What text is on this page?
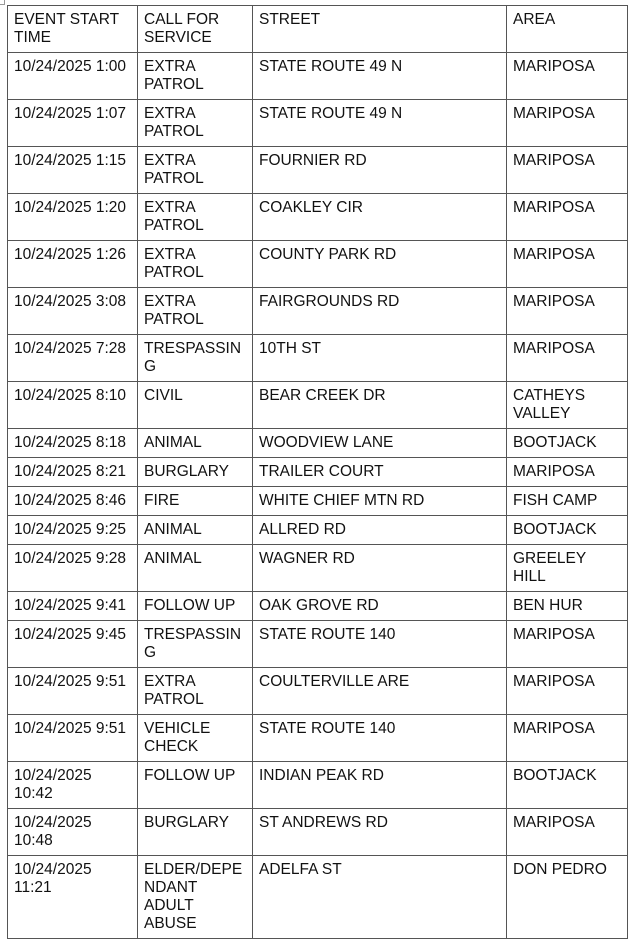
EVENT START TIME	CALL FOR SERVICE	STREET	AREA
10/24/2025 1:00	EXTRA PATROL	STATE ROUTE 49 N	MARIPOSA
10/24/2025 1:07	EXTRA PATROL	STATE ROUTE 49 N	MARIPOSA
10/24/2025 1:15	EXTRA PATROL	FOURNIER RD	MARIPOSA
10/24/2025 1:20	EXTRA PATROL	COAKLEY CIR	MARIPOSA
10/24/2025 1:26	EXTRA PATROL	COUNTY PARK RD	MARIPOSA
10/24/2025 3:08	EXTRA PATROL	FAIRGROUNDS RD	MARIPOSA
10/24/2025 7:28	TRESPASSING	10TH ST	MARIPOSA
10/24/2025 8:10	CIVIL	BEAR CREEK DR	CATHEYS VALLEY
10/24/2025 8:18	ANIMAL	WOODVIEW LANE	BOOTJACK
10/24/2025 8:21	BURGLARY	TRAILER COURT	MARIPOSA
10/24/2025 8:46	FIRE	WHITE CHIEF MTN RD	FISH CAMP
10/24/2025 9:25	ANIMAL	ALLRED RD	BOOTJACK
10/24/2025 9:28	ANIMAL	WAGNER RD	GREELEY HILL
10/24/2025 9:41	FOLLOW UP	OAK GROVE RD	BEN HUR
10/24/2025 9:45	TRESPASSING	STATE ROUTE 140	MARIPOSA
10/24/2025 9:51	EXTRA PATROL	COULTERVILLE ARE	MARIPOSA
10/24/2025 9:51	VEHICLE CHECK	STATE ROUTE 140	MARIPOSA
10/24/2025 10:42	FOLLOW UP	INDIAN PEAK RD	BOOTJACK
10/24/2025 10:48	BURGLARY	ST ANDREWS RD	MARIPOSA
10/24/2025 11:21	ELDER/DEPENDANT ADULT ABUSE	ADELFA ST	DON PEDRO
